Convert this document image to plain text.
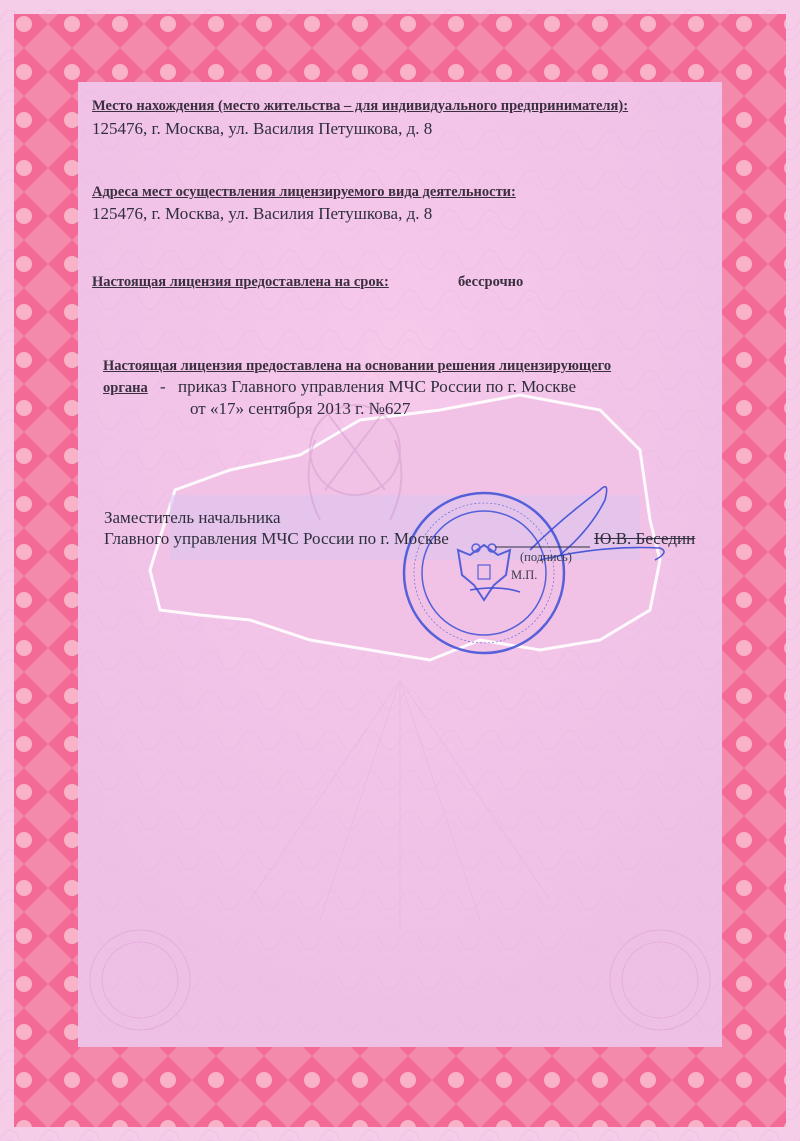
Место нахождения (место жительства – для индивидуального предпринимателя):
125476, г. Москва, ул. Василия Петушкова, д. 8
Адреса мест осуществления лицензируемого вида деятельности:
125476, г. Москва, ул. Василия Петушкова, д. 8
Настоящая лицензия предоставлена на срок:	бессрочно
Настоящая лицензия предоставлена на основании решения лицензирующего
органа - приказ Главного управления МЧС России по г. Москве
от «17» сентября 2013 г. №627
Заместитель начальника
Главного управления МЧС России по г. Москве	Ю.В. Беседин
(подпись)
М.П.
